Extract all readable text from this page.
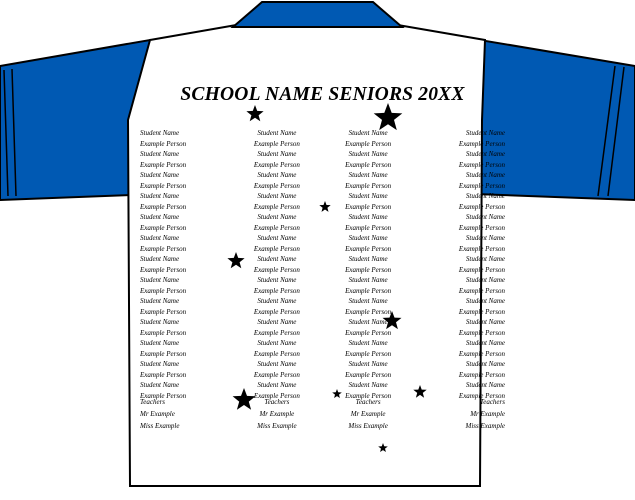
SCHOOL NAME SENIORS 20XX
Student Name	Student Name	Student Name	Student Name
Example Person	Example Person	Example Person	Example Person
Student Name	Student Name	Student Name	Student Name
Example Person	Example Person	Example Person	Example Person
Student Name	Student Name	Student Name	Student Name
Example Person	Example Person	Example Person	Example Person
Student Name	Student Name	Student Name	Student Name
Example Person	Example Person	Example Person	Example Person
Student Name	Student Name	Student Name	Student Name
Example Person	Example Person	Example Person	Example Person
Student Name	Student Name	Student Name	Student Name
Example Person	Example Person	Example Person	Example Person
Student Name	Student Name	Student Name	Student Name
Example Person	Example Person	Example Person	Example Person
Student Name	Student Name	Student Name	Student Name
Example Person	Example Person	Example Person	Example Person
Student Name	Student Name	Student Name	Student Name
Example Person	Example Person	Example Person	Example Person
Student Name	Student Name	Student Name	Student Name
Example Person	Example Person	Example Person	Example Person
Student Name	Student Name	Student Name	Student Name
Example Person	Example Person	Example Person	Example Person
Student Name	Student Name	Student Name	Student Name
Example Person	Example Person	Example Person	Example Person
Student Name	Student Name	Student Name	Student Name
Example Person	Example Person	Example Person	Example Person
Teachers	Teachers	Teachers	Teachers
Mr Example	Mr Example	Mr Example	Mr Example
Miss Example	Miss Example	Miss Example	Miss Example
